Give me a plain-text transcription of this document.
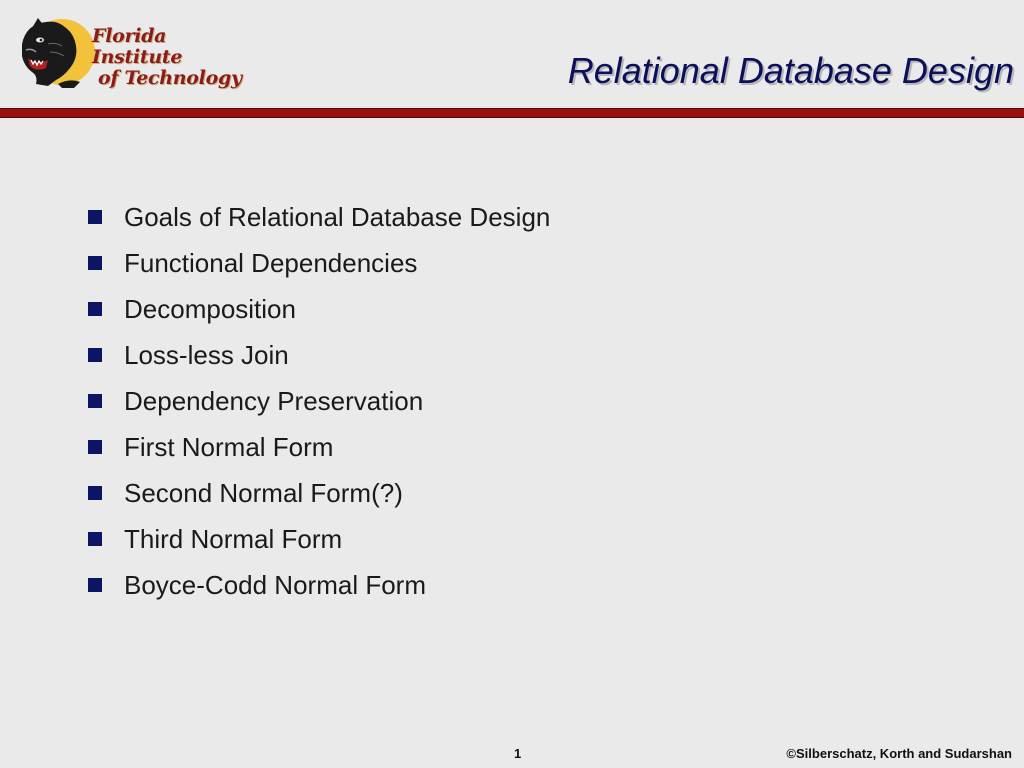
Florida Institute
of Technology	Relational Database Design
Goals of Relational Database Design
Functional Dependencies
Decomposition
Loss-less Join
Dependency Preservation
First Normal Form
Second Normal Form(?)
Third Normal Form
Boyce-Codd Normal Form
1	©Silberschatz, Korth and Sudarshan
